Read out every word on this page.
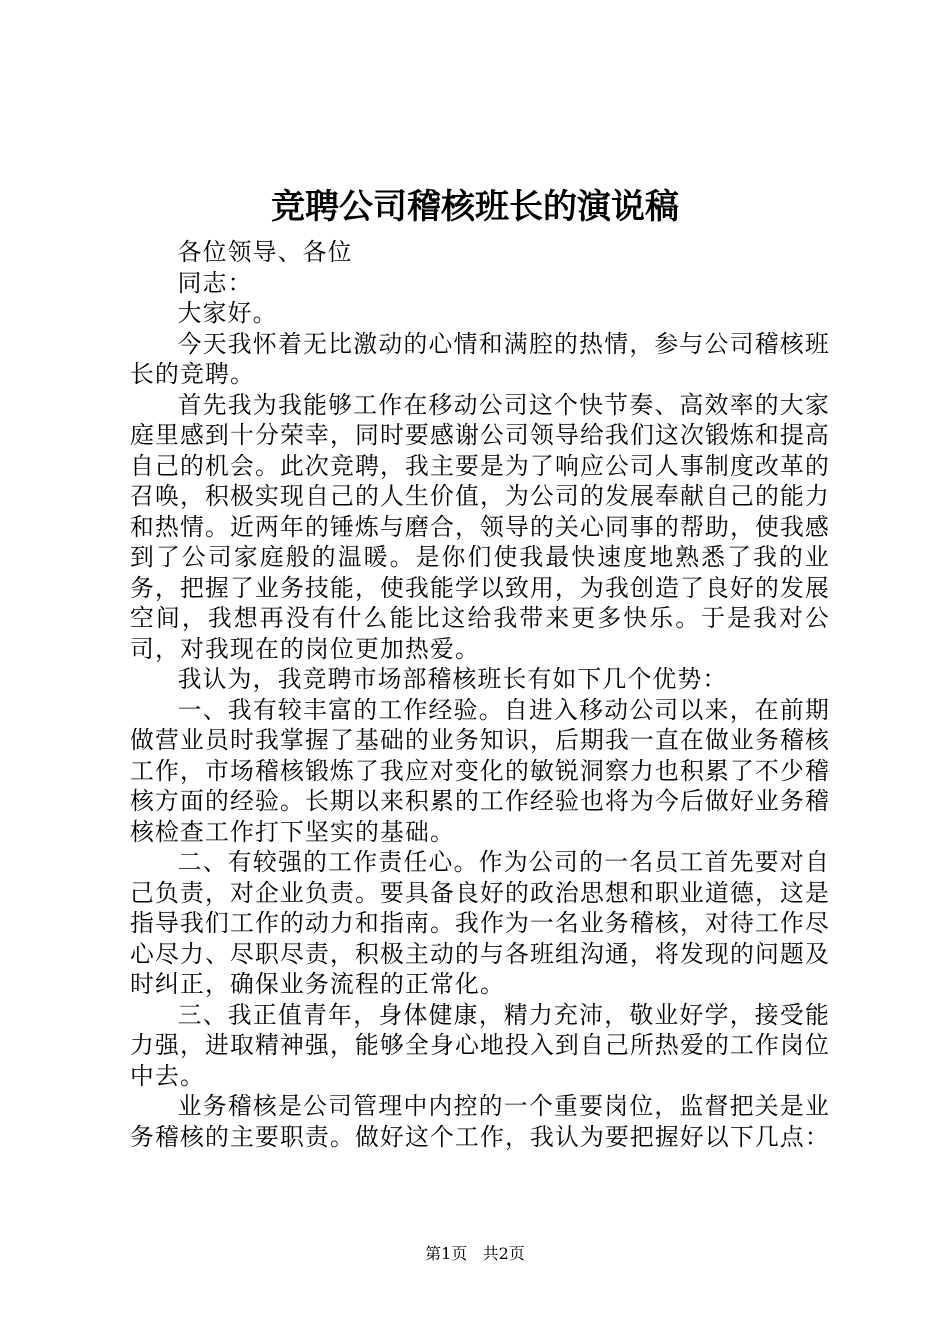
竞聘公司稽核班长的演说稿

各位领导、各位

同志：

大家好。

今天我怀着无比激动的心情和满腔的热情，参与公司稽核班长的竞聘。

首先我为我能够工作在移动公司这个快节奏、高效率的大家庭里感到十分荣幸，同时要感谢公司领导给我们这次锻炼和提高自己的机会。此次竞聘，我主要是为了响应公司人事制度改革的召唤，积极实现自己的人生价值，为公司的发展奉献自己的能力和热情。近两年的锤炼与磨合，领导的关心同事的帮助，使我感到了公司家庭般的温暖。是你们使我最快速度地熟悉了我的业务，把握了业务技能，使我能学以致用，为我创造了良好的发展空间，我想再没有什么能比这给我带来更多快乐。于是我对公司，对我现在的岗位更加热爱。

我认为，我竞聘市场部稽核班长有如下几个优势：

一、我有较丰富的工作经验。自进入移动公司以来，在前期做营业员时我掌握了基础的业务知识，后期我一直在做业务稽核工作，市场稽核锻炼了我应对变化的敏锐洞察力也积累了不少稽核方面的经验。长期以来积累的工作经验也将为今后做好业务稽核检查工作打下坚实的基础。

二、有较强的工作责任心。作为公司的一名员工首先要对自己负责，对企业负责。要具备良好的政治思想和职业道德，这是指导我们工作的动力和指南。我作为一名业务稽核，对待工作尽心尽力、尽职尽责，积极主动的与各班组沟通，将发现的问题及时纠正，确保业务流程的正常化。

三、我正值青年，身体健康，精力充沛，敬业好学，接受能力强，进取精神强，能够全身心地投入到自己所热爱的工作岗位中去。

业务稽核是公司管理中内控的一个重要岗位，监督把关是业务稽核的主要职责。做好这个工作，我认为要把握好以下几点：

第1页 共2页
